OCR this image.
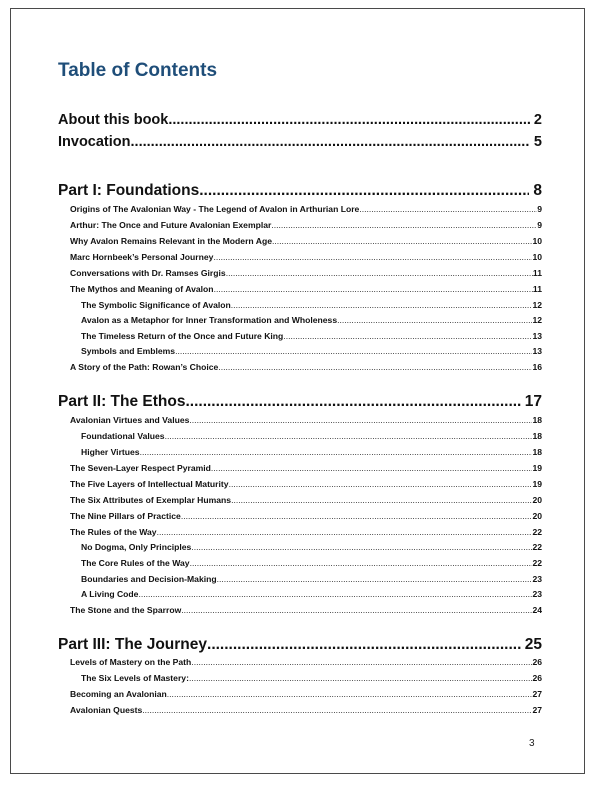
Table of Contents
About this book .....	2
Invocation .....	5
Part I: Foundations .....	8
Origins of The Avalonian Way - The Legend of Avalon in Arthurian Lore .....	9
Arthur: The Once and Future Avalonian Exemplar .....	9
Why Avalon Remains Relevant in the Modern Age .....	10
Marc Hornbeek’s Personal Journey .....	10
Conversations with Dr. Ramses Girgis .....	11
The Mythos and Meaning of Avalon .....	11
The Symbolic Significance of Avalon .....	12
Avalon as a Metaphor for Inner Transformation and Wholeness .....	12
The Timeless Return of the Once and Future King .....	13
Symbols and Emblems .....	13
A Story of the Path: Rowan’s Choice .....	16
Part II: The Ethos .....	17
Avalonian Virtues and Values .....	18
Foundational Values .....	18
Higher Virtues .....	18
The Seven-Layer Respect Pyramid .....	19
The Five Layers of Intellectual Maturity .....	19
The Six Attributes of Exemplar Humans .....	20
The Nine Pillars of Practice .....	20
The Rules of the Way .....	22
No Dogma, Only Principles .....	22
The Core Rules of the Way .....	22
Boundaries and Decision-Making .....	23
A Living Code .....	23
The Stone and the Sparrow .....	24
Part III: The Journey .....	25
Levels of Mastery on the Path .....	26
The Six Levels of Mastery: .....	26
Becoming an Avalonian .....	27
Avalonian Quests .....	27
3
